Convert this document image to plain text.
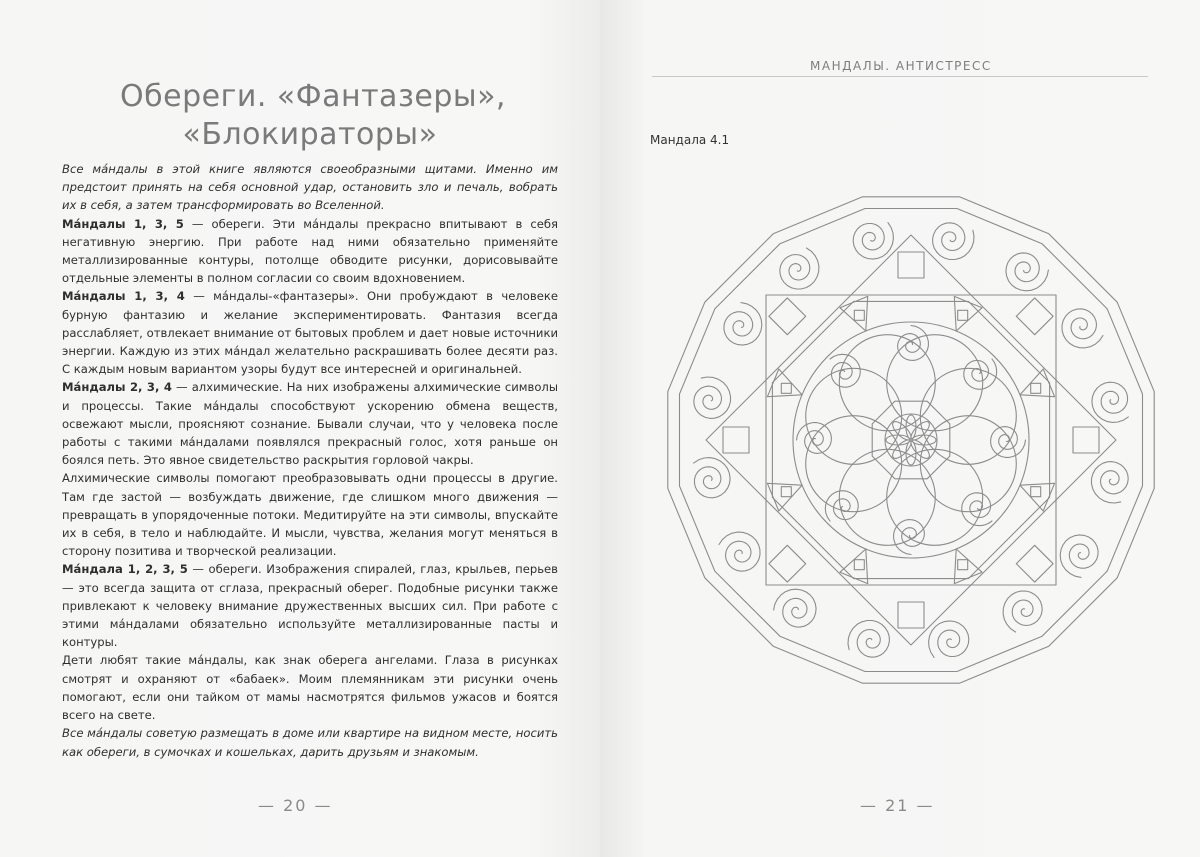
Обереги. «Фантазеры»,
«Блокираторы»

Все мáндалы в этой книге являются своеобразными щитами. Именно им предстоит принять на себя основной удар, остановить зло и печаль, вобрать их в себя, а затем трансформировать во Вселенной.

Мáндалы 1, 3, 5 — обереги. Эти мáндалы прекрасно впитывают в себя негативную энергию. При работе над ними обязательно применяйте металлизированные контуры, потолще обводите рисунки, дорисовывайте отдельные элементы в полном согласии со своим вдохновением.

Мáндалы 1, 3, 4 — мáндалы-«фантазеры». Они пробуждают в человеке бурную фантазию и желание экспериментировать. Фантазия всегда расслабляет, отвлекает внимание от бытовых проблем и дает новые источники энергии. Каждую из этих мáндал желательно раскрашивать более десяти раз. С каждым новым вариантом узоры будут все интересней и оригинальней.

Мáндалы 2, 3, 4 — алхимические. На них изображены алхимические символы и процессы. Такие мáндалы способствуют ускорению обмена веществ, освежают мысли, проясняют сознание. Бывали случаи, что у человека после работы с такими мáндалами появлялся прекрасный голос, хотя раньше он боялся петь. Это явное свидетельство раскрытия горловой чакры.

Алхимические символы помогают преобразовывать одни процессы в другие. Там где застой — возбуждать движение, где слишком много движения — превращать в упорядоченные потоки. Медитируйте на эти символы, впускайте их в себя, в тело и наблюдайте. И мысли, чувства, желания могут меняться в сторону позитива и творческой реализации.

Мáндала 1, 2, 3, 5 — обереги. Изображения спиралей, глаз, крыльев, перьев — это всегда защита от сглаза, прекрасный оберег. Подобные рисунки также привлекают к человеку внимание дружественных высших сил. При работе с этими мáндалами обязательно используйте металлизированные пасты и контуры.

Дети любят такие мáндалы, как знак оберега ангелами. Глаза в рисунках смотрят и охраняют от «бабаек». Моим племянникам эти рисунки очень помогают, если они тайком от мамы насмотрятся фильмов ужасов и боятся всего на свете.

Все мáндалы советую размещать в доме или квартире на видном месте, носить как обереги, в сумочках и кошельках, дарить друзьям и знакомым.

— 20 —
МАНДАЛЫ. АНТИСТРЕСС
Мандала 4.1
— 21 —
